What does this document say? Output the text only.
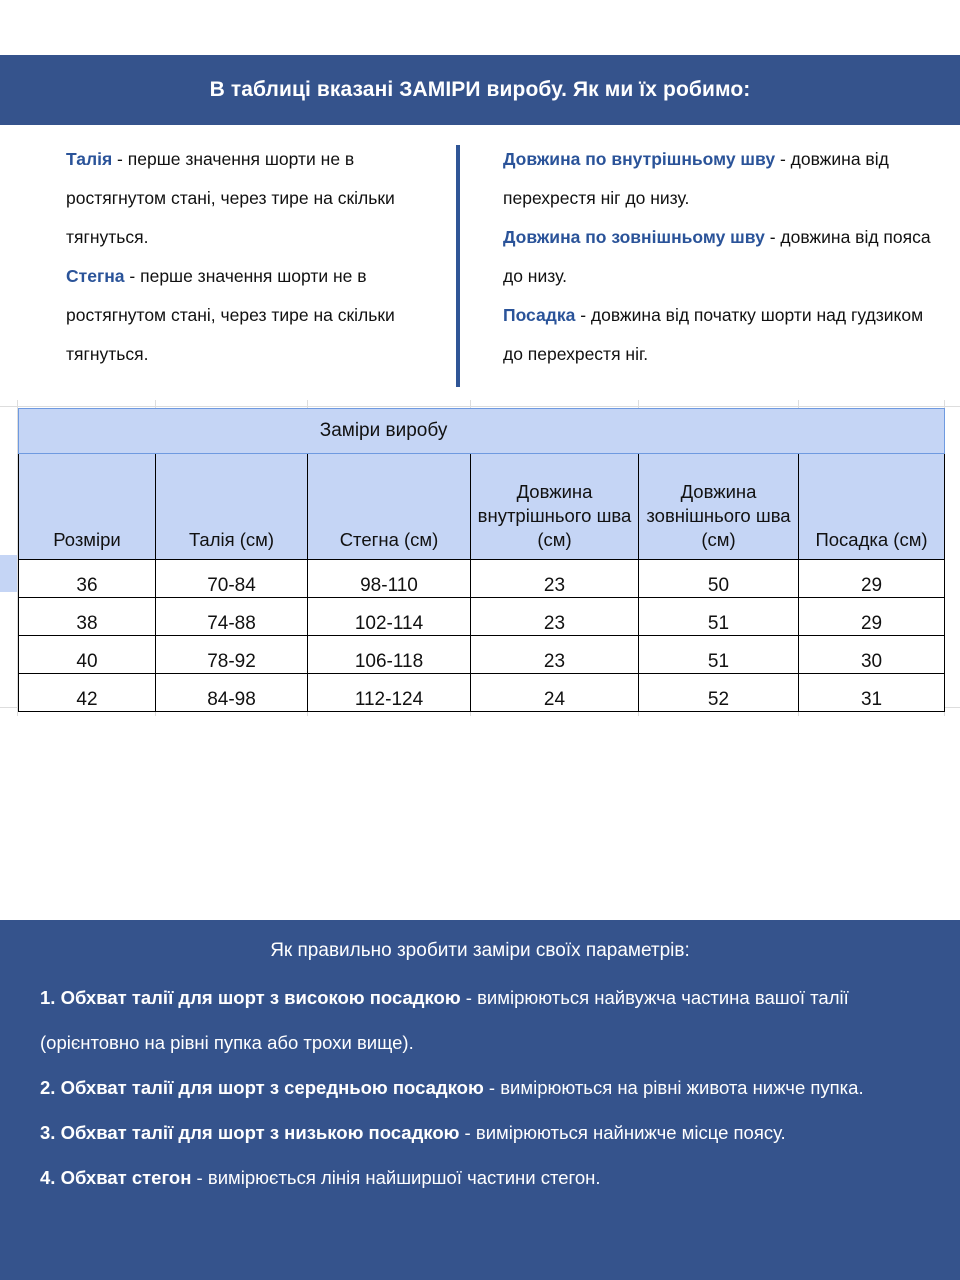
В таблиці вказані ЗАМІРИ виробу. Як ми їх робимо:

Талія - перше значення шорти не в ростягнутом стані, через тире на скільки тягнуться.

Стегна - перше значення шорти не в ростягнутом стані, через тире на скільки тягнуться.

Довжина по внутрішньому шву - довжина від перехрестя ніг до низу.

Довжина по зовнішньому шву - довжина від пояса до низу.

Посадка - довжина від початку шорти над гудзиком до перехрестя ніг.

Заміри виробу					
Розміри	Талія (см)	Стегна (см)	Довжина внутрішнього шва (см)	Довжина зовнішнього шва (см)	Посадка (см)
36	70-84	98-110	23	50	29
38	74-88	102-114	23	51	29
40	78-92	106-118	23	51	30
42	84-98	112-124	24	52	31
Як правильно зробити заміри своїх параметрів:

1. Обхват талії для шорт з високою посадкою - вимірюються найвужча частина вашої талії (орієнтовно на рівні пупка або трохи вище).

2. Обхват талії для шорт з середньою посадкою - вимірюються на рівні живота нижче пупка.

3. Обхват талії для шорт з низькою посадкою - вимірюються найнижче місце поясу.

4. Обхват стегон - вимірюється лінія найширшої частини стегон.
